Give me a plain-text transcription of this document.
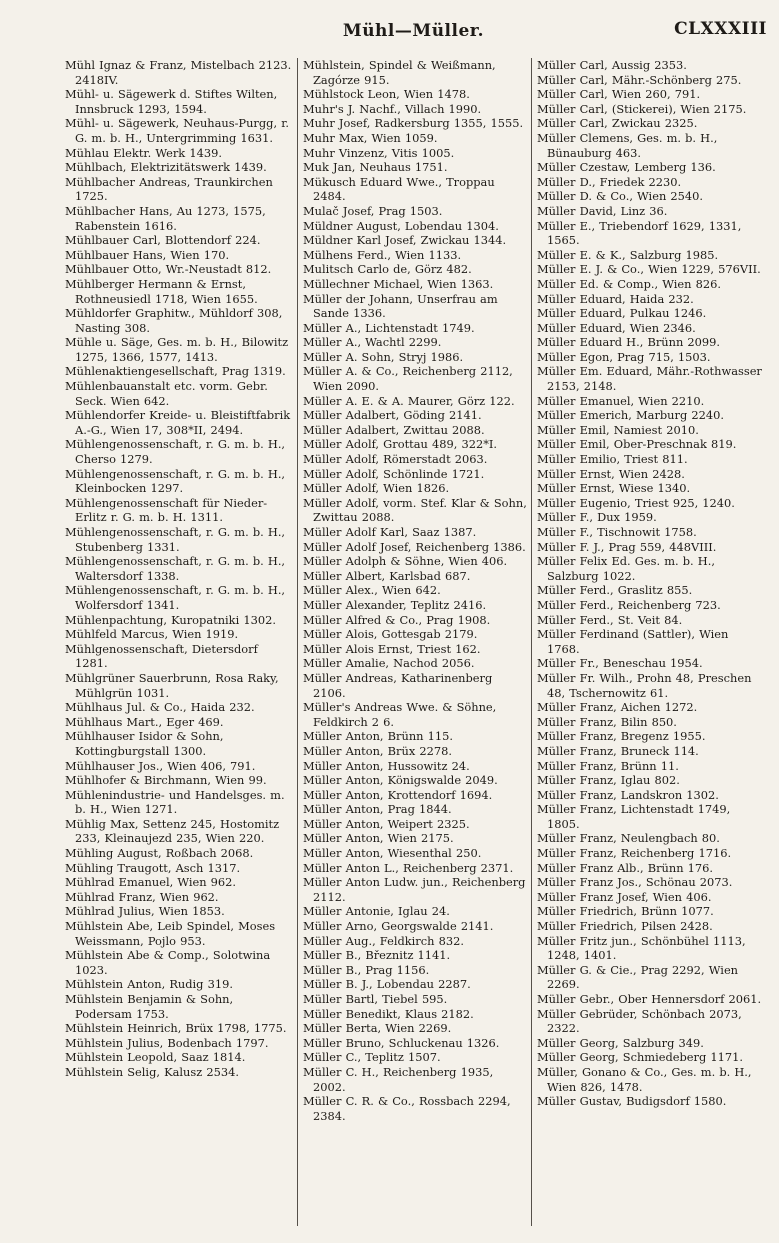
Mühl—Müller.	CLXXXIII
Mühl Ignaz & Franz, Mistelbach 2123. 2418IV.
Mühl- u. Sägewerk d. Stiftes Wilten, Innsbruck 1293, 1594.
Mühl- u. Sägewerk, Neuhaus-Purgg, r. G. m. b. H., Untergrimming 1631.
Mühlau Elektr. Werk 1439.
Mühlbach, Elektrizitätswerk 1439.
Mühlbacher Andreas, Traunkirchen 1725.
Mühlbacher Hans, Au 1273, 1575, Rabenstein 1616.
Mühlbauer Carl, Blottendorf 224.
Mühlbauer Hans, Wien 170.
Mühlbauer Otto, Wr.-Neustadt 812.
Mühlberger Hermann & Ernst, Rothneusiedl 1718, Wien 1655.
Mühldorfer Graphitw., Mühldorf 308, Nasting 308.
Mühle u. Säge, Ges. m. b. H., Bilowitz 1275, 1366, 1577, 1413.
Mühlenaktiengesellschaft, Prag 1319.
Mühlenbauanstalt etc. vorm. Gebr. Seck. Wien 642.
Mühlendorfer Kreide- u. Bleistiftfabrik A.-G., Wien 17, 308*II, 2494.
Mühlengenossenschaft, r. G. m. b. H., Cherso 1279.
Mühlengenossenschaft, r. G. m. b. H., Kleinbocken 1297.
Mühlengenossenschaft für Nieder-Erlitz r. G. m. b. H. 1311.
Mühlengenossenschaft, r. G. m. b. H., Stubenberg 1331.
Mühlengenossenschaft, r. G. m. b. H., Waltersdorf 1338.
Mühlengenossenschaft, r. G. m. b. H., Wolfersdorf 1341.
Mühlenpachtung, Kuropatniki 1302.
Mühlfeld Marcus, Wien 1919.
Mühlgenossenschaft, Dietersdorf 1281.
Mühlgrüner Sauerbrunn, Rosa Raky, Mühlgrün 1031.
Mühlhaus Jul. & Co., Haida 232.
Mühlhaus Mart., Eger 469.
Mühlhauser Isidor & Sohn, Kottingburgstall 1300.
Mühlhauser Jos., Wien 406, 791.
Mühlhofer & Birchmann, Wien 99.
Mühlenindustrie- und Handelsges. m. b. H., Wien 1271.
Mühlig Max, Settenz 245, Hostomitz 233, Kleinaujezd 235, Wien 220.
Mühling August, Roßbach 2068.
Mühling Traugott, Asch 1317.
Mühlrad Emanuel, Wien 962.
Mühlrad Franz, Wien 962.
Mühlrad Julius, Wien 1853.
Mühlstein Abe, Leib Spindel, Moses Weissmann, Pojlo 953.
Mühlstein Abe & Comp., Solotwina 1023.
Mühlstein Anton, Rudig 319.
Mühlstein Benjamin & Sohn, Podersam 1753.
Mühlstein Heinrich, Brüx 1798, 1775.
Mühlstein Julius, Bodenbach 1797.
Mühlstein Leopold, Saaz 1814.
Mühlstein Selig, Kalusz 2534.
Mühlstein, Spindel & Weißmann, Zagórze 915.
Mühlstock Leon, Wien 1478.
Muhr's J. Nachf., Villach 1990.
Muhr Josef, Radkersburg 1355, 1555.
Muhr Max, Wien 1059.
Muhr Vinzenz, Vitis 1005.
Muk Jan, Neuhaus 1751.
Mükusch Eduard Wwe., Troppau 2484.
Mulač Josef, Prag 1503.
Müldner August, Lobendau 1304.
Müldner Karl Josef, Zwickau 1344.
Mülhens Ferd., Wien 1133.
Mulitsch Carlo de, Görz 482.
Müllechner Michael, Wien 1363.
Müller der Johann, Unserfrau am Sande 1336.
Müller A., Lichtenstadt 1749.
Müller A., Wachtl 2299.
Müller A. Sohn, Stryj 1986.
Müller A. & Co., Reichenberg 2112, Wien 2090.
Müller A. E. & A. Maurer, Görz 122.
Müller Adalbert, Göding 2141.
Müller Adalbert, Zwittau 2088.
Müller Adolf, Grottau 489, 322*I.
Müller Adolf, Römerstadt 2063.
Müller Adolf, Schönlinde 1721.
Müller Adolf, Wien 1826.
Müller Adolf, vorm. Stef. Klar & Sohn, Zwittau 2088.
Müller Adolf Karl, Saaz 1387.
Müller Adolf Josef, Reichenberg 1386.
Müller Adolph & Söhne, Wien 406.
Müller Albert, Karlsbad 687.
Müller Alex., Wien 642.
Müller Alexander, Teplitz 2416.
Müller Alfred & Co., Prag 1908.
Müller Alois, Gottesgab 2179.
Müller Alois Ernst, Triest 162.
Müller Amalie, Nachod 2056.
Müller Andreas, Katharinenberg 2106.
Müller's Andreas Wwe. & Söhne, Feldkirch 2 6.
Müller Anton, Brünn 115.
Müller Anton, Brüx 2278.
Müller Anton, Hussowitz 24.
Müller Anton, Königswalde 2049.
Müller Anton, Krottendorf 1694.
Müller Anton, Prag 1844.
Müller Anton, Weipert 2325.
Müller Anton, Wien 2175.
Müller Anton, Wiesenthal 250.
Müller Anton L., Reichenberg 2371.
Müller Anton Ludw. jun., Reichenberg 2112.
Müller Antonie, Iglau 24.
Müller Arno, Georgswalde 2141.
Müller Aug., Feldkirch 832.
Müller B., Březnitz 1141.
Müller B., Prag 1156.
Müller B. J., Lobendau 2287.
Müller Bartl, Tiebel 595.
Müller Benedikt, Klaus 2182.
Müller Berta, Wien 2269.
Müller Bruno, Schluckenau 1326.
Müller C., Teplitz 1507.
Müller C. H., Reichenberg 1935, 2002.
Müller C. R. & Co., Rossbach 2294, 2384.
Müller Carl, Aussig 2353.
Müller Carl, Mähr.-Schönberg 275.
Müller Carl, Wien 260, 791.
Müller Carl, (Stickerei), Wien 2175.
Müller Carl, Zwickau 2325.
Müller Clemens, Ges. m. b. H., Bünauburg 463.
Müller Czestaw, Lemberg 136.
Müller D., Friedek 2230.
Müller D. & Co., Wien 2540.
Müller David, Linz 36.
Müller E., Triebendorf 1629, 1331, 1565.
Müller E. & K., Salzburg 1985.
Müller E. J. & Co., Wien 1229, 576VII.
Müller Ed. & Comp., Wien 826.
Müller Eduard, Haida 232.
Müller Eduard, Pulkau 1246.
Müller Eduard, Wien 2346.
Müller Eduard H., Brünn 2099.
Müller Egon, Prag 715, 1503.
Müller Em. Eduard, Mähr.-Rothwasser 2153, 2148.
Müller Emanuel, Wien 2210.
Müller Emerich, Marburg 2240.
Müller Emil, Namiest 2010.
Müller Emil, Ober-Preschnak 819.
Müller Emilio, Triest 811.
Müller Ernst, Wien 2428.
Müller Ernst, Wiese 1340.
Müller Eugenio, Triest 925, 1240.
Müller F., Dux 1959.
Müller F., Tischnowit 1758.
Müller F. J., Prag 559, 448VIII.
Müller Felix Ed. Ges. m. b. H., Salzburg 1022.
Müller Ferd., Graslitz 855.
Müller Ferd., Reichenberg 723.
Müller Ferd., St. Veit 84.
Müller Ferdinand (Sattler), Wien 1768.
Müller Fr., Beneschau 1954.
Müller Fr. Wilh., Prohn 48, Preschen 48, Tschernowitz 61.
Müller Franz, Aichen 1272.
Müller Franz, Bilin 850.
Müller Franz, Bregenz 1955.
Müller Franz, Bruneck 114.
Müller Franz, Brünn 11.
Müller Franz, Iglau 802.
Müller Franz, Landskron 1302.
Müller Franz, Lichtenstadt 1749, 1805.
Müller Franz, Neulengbach 80.
Müller Franz, Reichenberg 1716.
Müller Franz Alb., Brünn 176.
Müller Franz Jos., Schönau 2073.
Müller Franz Josef, Wien 406.
Müller Friedrich, Brünn 1077.
Müller Friedrich, Pilsen 2428.
Müller Fritz jun., Schönbühel 1113, 1248, 1401.
Müller G. & Cie., Prag 2292, Wien 2269.
Müller Gebr., Ober Hennersdorf 2061.
Müller Gebrüder, Schönbach 2073, 2322.
Müller Georg, Salzburg 349.
Müller Georg, Schmiedeberg 1171.
Müller, Gonano & Co., Ges. m. b. H., Wien 826, 1478.
Müller Gustav, Budigsdorf 1580.
